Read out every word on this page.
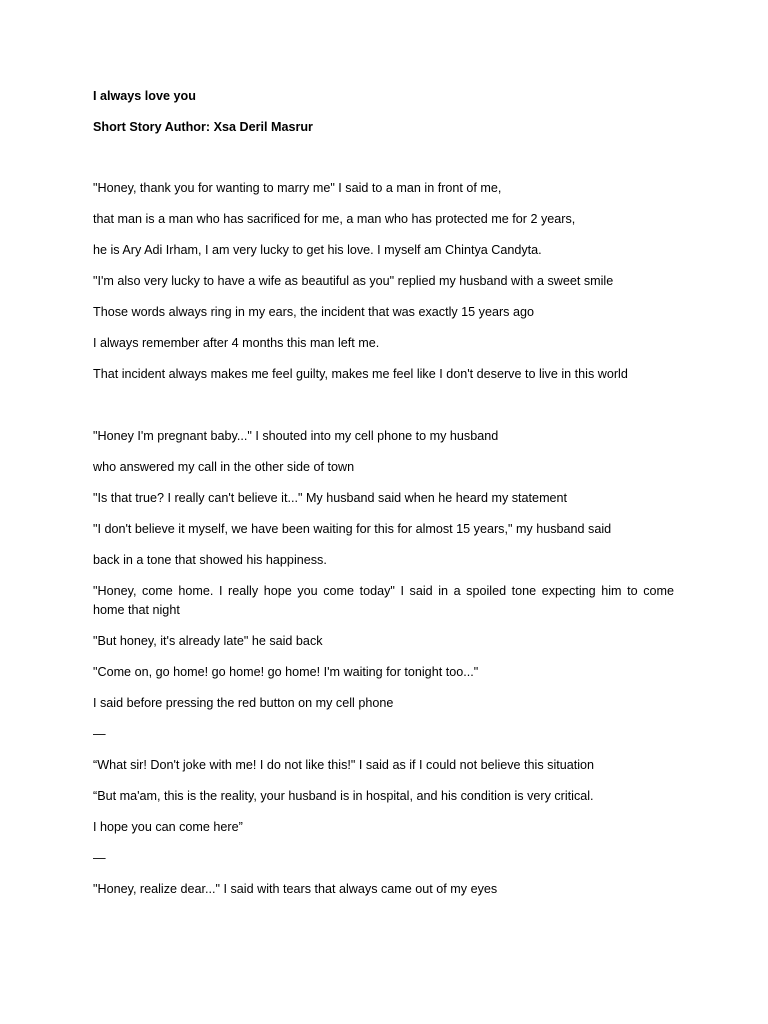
I always love you
Short Story Author: Xsa Deril Masrur
"Honey, thank you for wanting to marry me" I said to a man in front of me,
that man is a man who has sacrificed for me, a man who has protected me for 2 years,
he is Ary Adi Irham, I am very lucky to get his love. I myself am Chintya Candyta.
"I'm also very lucky to have a wife as beautiful as you" replied my husband with a sweet smile
Those words always ring in my ears, the incident that was exactly 15 years ago
I always remember after 4 months this man left me.
That incident always makes me feel guilty, makes me feel like I don't deserve to live in this world
"Honey I'm pregnant baby..." I shouted into my cell phone to my husband
who answered my call in the other side of town
"Is that true? I really can't believe it..." My husband said when he heard my statement
"I don't believe it myself, we have been waiting for this for almost 15 years," my husband said
back in a tone that showed his happiness.
"Honey, come home. I really hope you come today" I said in a spoiled tone expecting him to come
home that night
"But honey, it's already late" he said back
"Come on, go home! go home! go home! I'm waiting for tonight too..."
I said before pressing the red button on my cell phone
—
“What sir! Don't joke with me! I do not like this!" I said as if I could not believe this situation
“But ma'am, this is the reality, your husband is in hospital, and his condition is very critical.
I hope you can come here”
—
"Honey, realize dear..." I said with tears that always came out of my eyes
